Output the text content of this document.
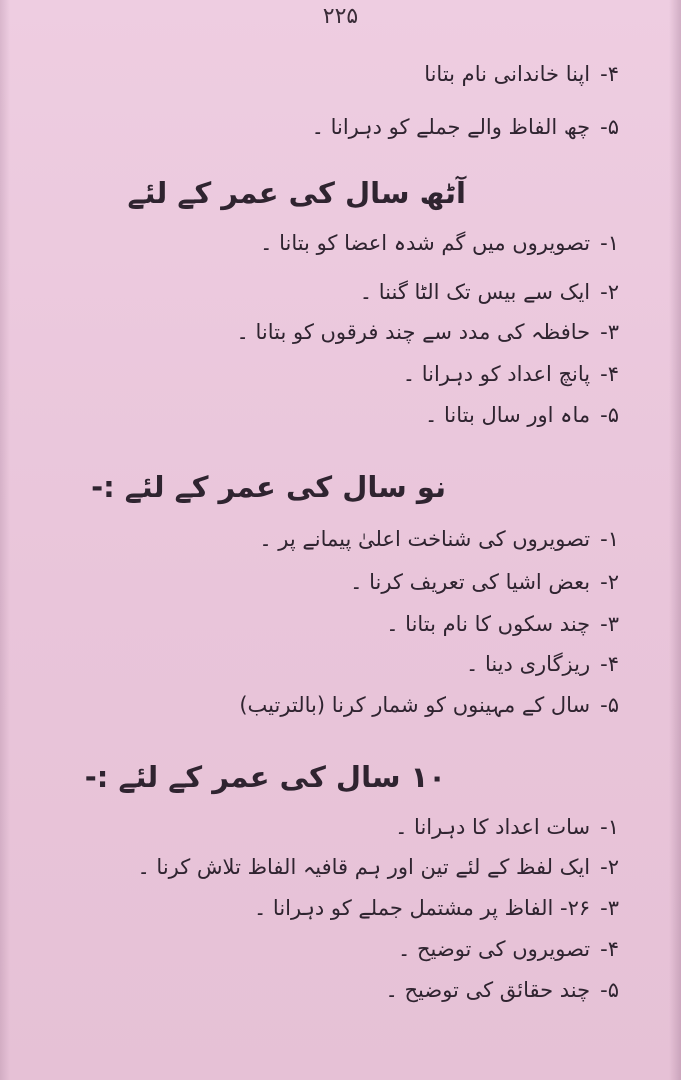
۲۲۵
۴-اپنا خاندانی نام بتانا
۵-چھ الفاظ والے جملے کو دہرانا ۔
آٹھ سال کی عمر کے لئے
۱-تصویروں میں گم شدہ اعضا کو بتانا ۔
۲-ایک سے بیس تک الٹا گننا ۔
۳-حافظہ کی مدد سے چند فرقوں کو بتانا ۔
۴-پانچ اعداد کو دہرانا ۔
۵-ماہ اور سال بتانا ۔
نو سال کی عمر کے لئے :-
۱-تصویروں کی شناخت اعلیٰ پیمانے پر ۔
۲-بعض اشیا کی تعریف کرنا ۔
۳-چند سکوں کا نام بتانا ۔
۴-ریزگاری دینا ۔
۵-سال کے مہینوں کو شمار کرنا (بالترتیب)
۱۰ سال کی عمر کے لئے :-
۱-سات اعداد کا دہرانا ۔
۲-ایک لفظ کے لئے تین اور ہم قافیہ الفاظ تلاش کرنا ۔
۳-۲۶- الفاظ پر مشتمل جملے کو دہرانا ۔
۴-تصویروں کی توضیح ۔
۵-چند حقائق کی توضیح ۔
